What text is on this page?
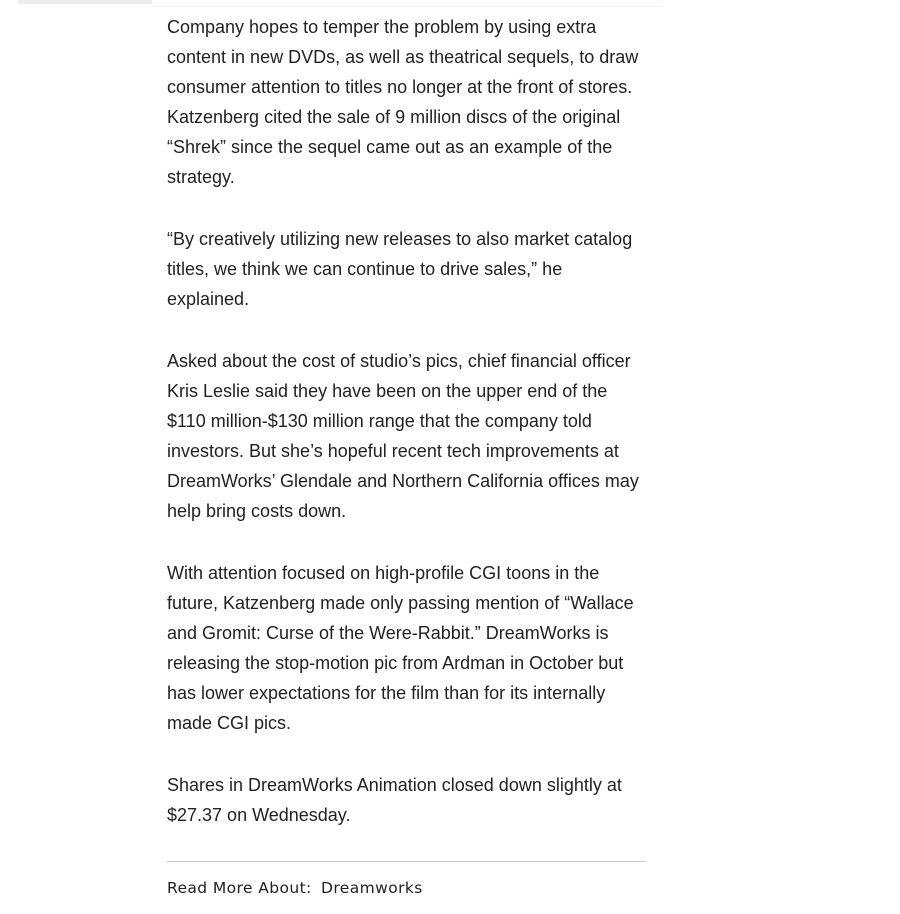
Company hopes to temper the problem by using extra content in new DVDs, as well as theatrical sequels, to draw consumer attention to titles no longer at the front of stores. Katzenberg cited the sale of 9 million discs of the original “Shrek” since the sequel came out as an example of the strategy.

“By creatively utilizing new releases to also market catalog titles, we think we can continue to drive sales,” he explained.

Asked about the cost of studio’s pics, chief financial officer Kris Leslie said they have been on the upper end of the $110 million-$130 million range that the company told investors. But she’s hopeful recent tech improvements at DreamWorks’ Glendale and Northern California offices may help bring costs down.

With attention focused on high-profile CGI toons in the future, Katzenberg made only passing mention of “Wallace and Gromit: Curse of the Were-Rabbit.” DreamWorks is releasing the stop-motion pic from Ardman in October but has lower expectations for the film than for its internally made CGI pics.

Shares in DreamWorks Animation closed down slightly at $27.37 on Wednesday.

Read More About: Dreamworks
